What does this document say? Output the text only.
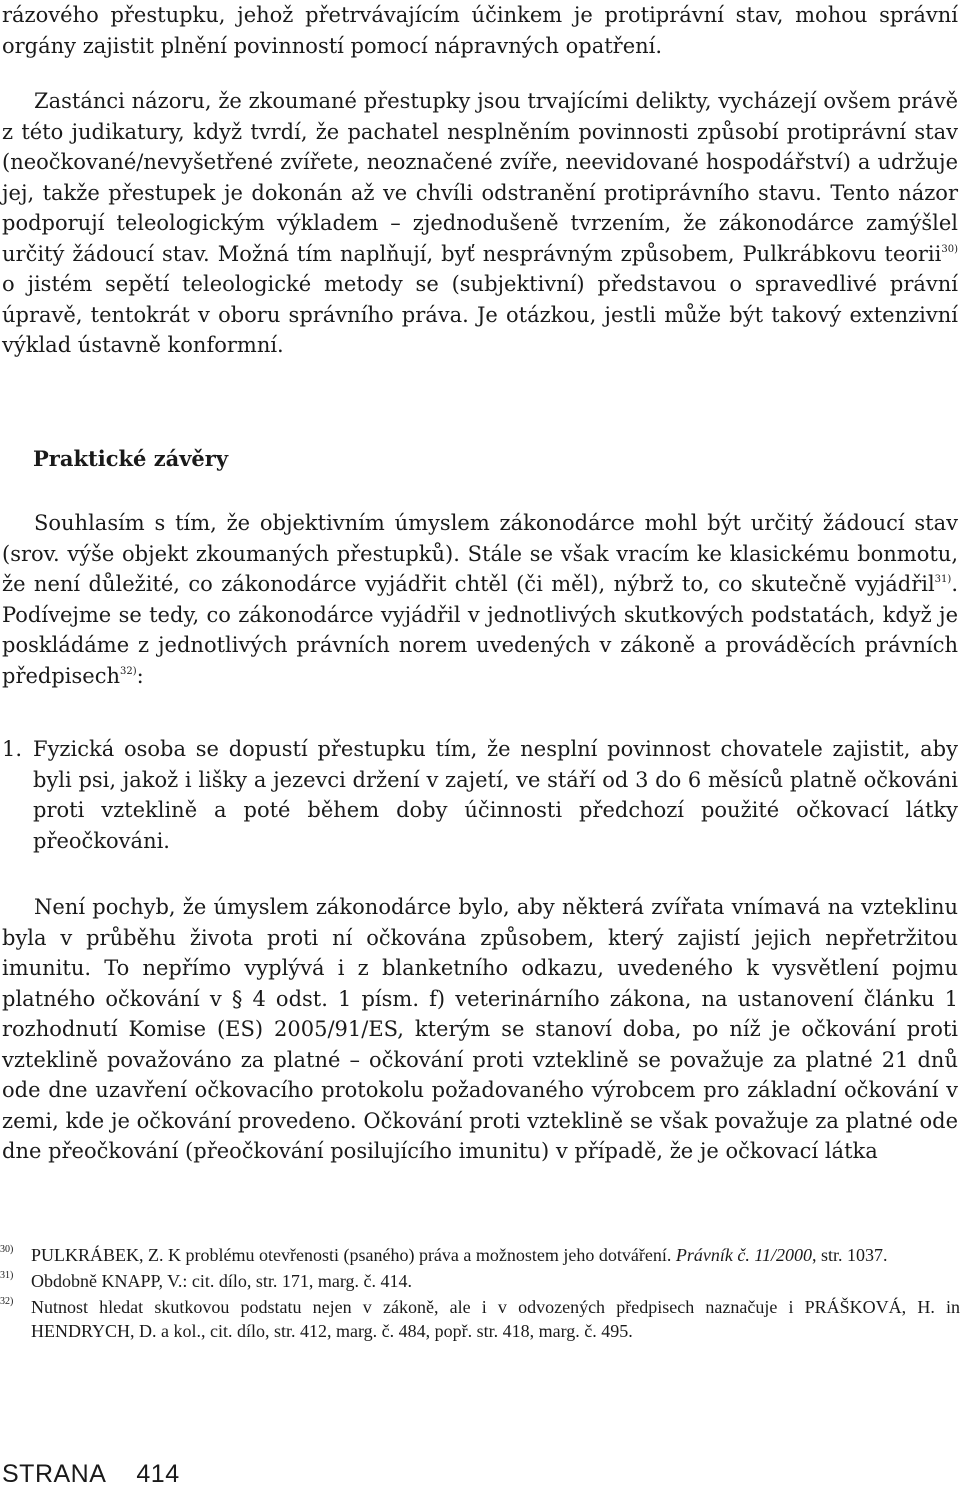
rázového přestupku, jehož přetrvávajícím účinkem je protiprávní stav, mohou správní orgány zajistit plnění povinností pomocí nápravných opatření.

Zastánci názoru, že zkoumané přestupky jsou trvajícími delikty, vycházejí ovšem právě z této judikatury, když tvrdí, že pachatel nesplněním povinnosti způsobí protiprávní stav (neočkované/nevyšetřené zvířete, neoznačené zvíře, neevidované hospodářství) a udržuje jej, takže přestupek je dokonán až ve chvíli odstranění protiprávního stavu. Tento názor podporují teleologickým výkladem – zjednodušeně tvrzením, že zákonodárce zamýšlel určitý žádoucí stav. Možná tím naplňují, byť nesprávným způsobem, Pulkrábkovu teorii$^{30)}$ o jistém sepětí teleologické metody se (subjektivní) představou o spravedlivé právní úpravě, tentokrát v oboru správního práva. Je otázkou, jestli může být takový extenzivní výklad ústavně konformní.

Praktické závěry

Souhlasím s tím, že objektivním úmyslem zákonodárce mohl být určitý žádoucí stav (srov. výše objekt zkoumaných přestupků). Stále se však vracím ke klasickému bonmotu, že není důležité, co zákonodárce vyjádřit chtěl (či měl), nýbrž to, co skutečně vyjádřil$^{31)}$. Podívejme se tedy, co zákonodárce vyjádřil v jednotlivých skutkových podstatách, když je poskládáme z jednotlivých právních norem uvedených v zákoně a prováděcích právních předpisech$^{32)}$:

1. Fyzická osoba se dopustí přestupku tím, že nesplní povinnost chovatele zajistit, aby byli psi, jakož i lišky a jezevci držení v zajetí, ve stáří od 3 do 6 měsíců platně očkováni proti vzteklině a poté během doby účinnosti předchozí použité očkovací látky přeočkováni.

Není pochyb, že úmyslem zákonodárce bylo, aby některá zvířata vnímavá na vzteklinu byla v průběhu života proti ní očkována způsobem, který zajistí jejich nepřetržitou imunitu. To nepřímo vyplývá i z blanketního odkazu, uvedeného k vysvětlení pojmu platného očkování v § 4 odst. 1 písm. f) veterinárního zákona, na ustanovení článku 1 rozhodnutí Komise (ES) 2005/91/ES, kterým se stanoví doba, po níž je očkování proti vzteklině považováno za platné – očkování proti vzteklině se považuje za platné 21 dnů ode dne uzavření očkovacího protokolu požadovaného výrobcem pro základní očkování v zemi, kde je očkování provedeno. Očkování proti vzteklině se však považuje za platné ode dne přeočkování (přeočkování posilujícího imunitu) v případě, že je očkovací látka

30) PULKRÁBEK, Z. K problému otevřenosti (psaného) práva a možnostem jeho dotváření. Právník č. 11/2000, str. 1037.
31) Obdobně KNAPP, V.: cit. dílo, str. 171, marg. č. 414.
32) Nutnost hledat skutkovou podstatu nejen v zákoně, ale i v odvozených předpisech naznačuje i PRÁŠKOVÁ, H. in HENDRYCH, D. a kol., cit. dílo, str. 412, marg. č. 484, popř. str. 418, marg. č. 495.
STRANA 414
